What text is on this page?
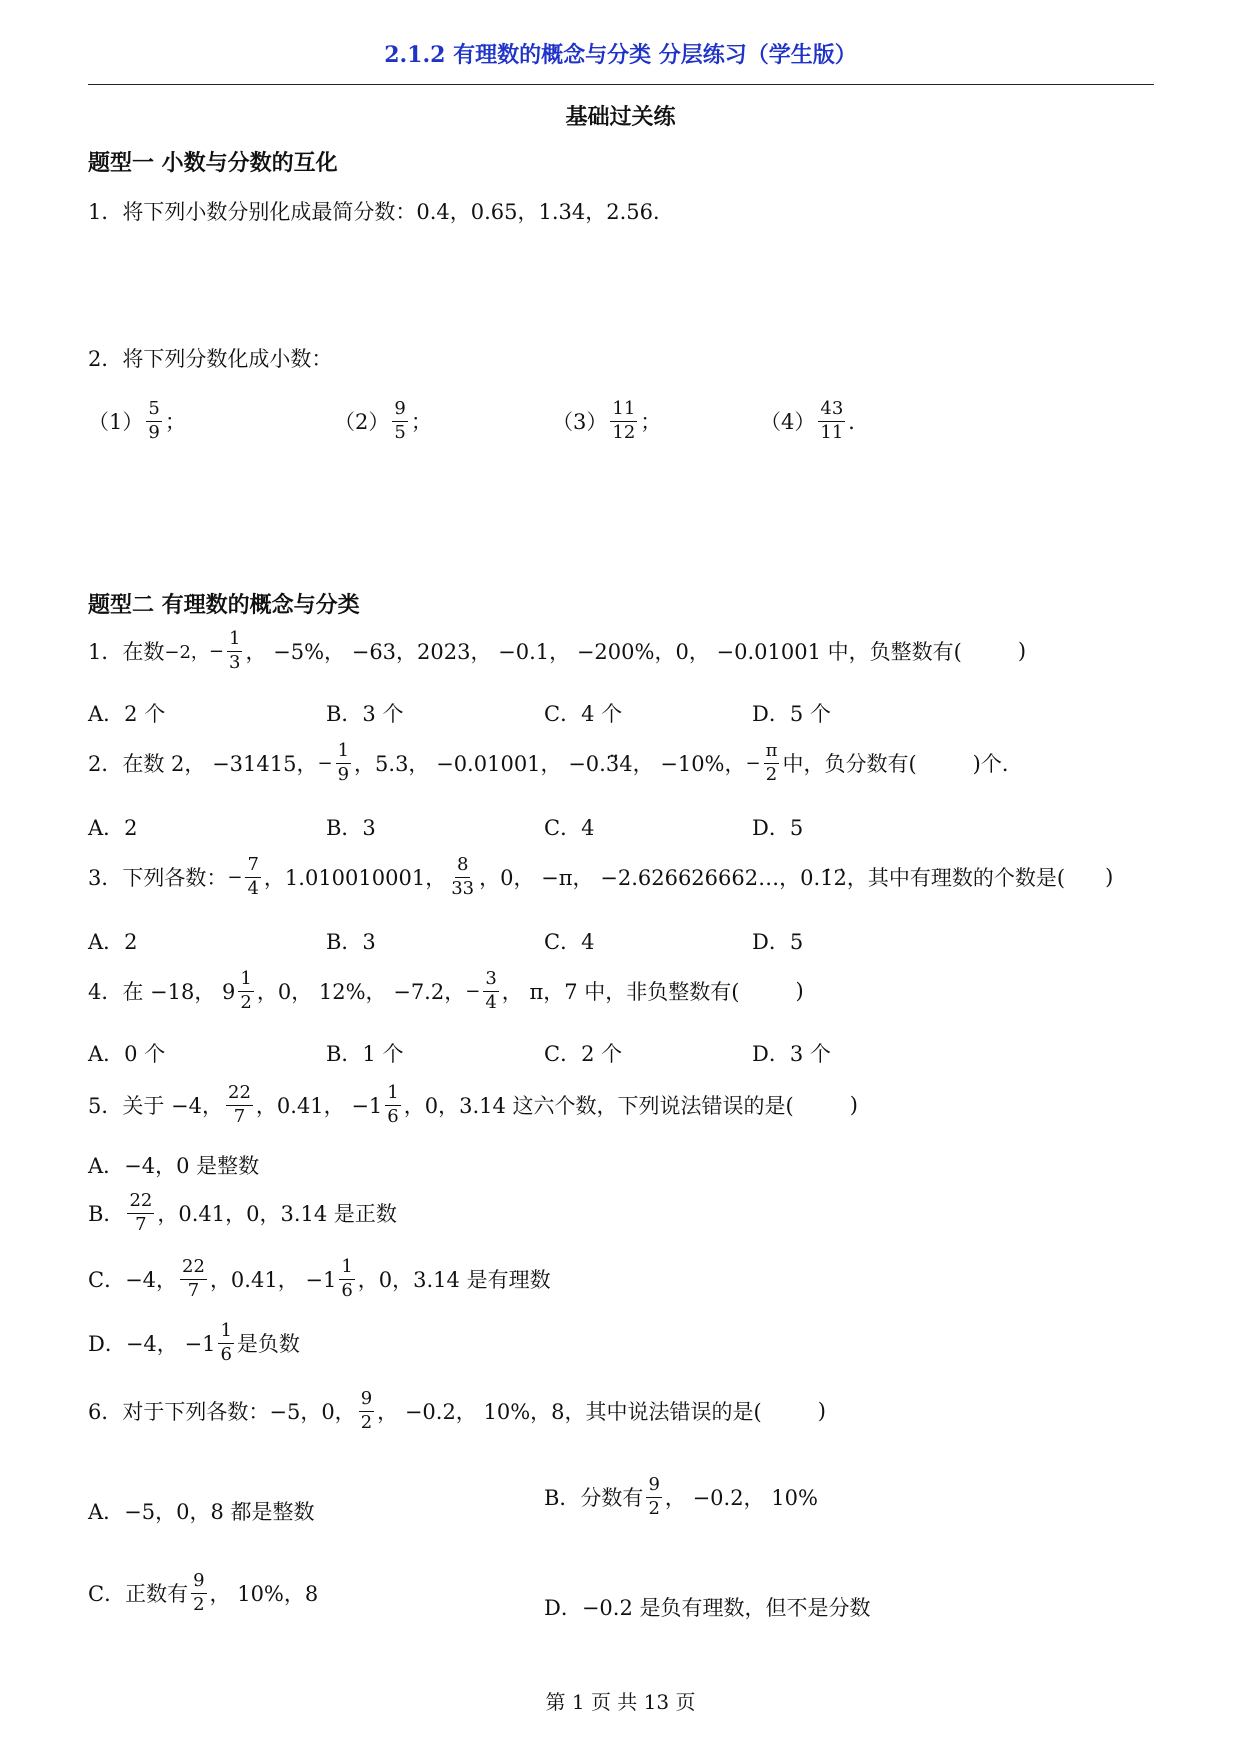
2.1.2 有理数的概念与分类 分层练习（学生版）
基础过关练
题型一 小数与分数的互化
1．将下列小数分别化成最简分数：0.4，0.65，1.34，2.56．
2．将下列分数化成小数：
$(1) \frac{5}{9}$ ；	$(2) \frac{9}{5}$ ；	$(3) \frac{11}{12}$ ；	$(4) \frac{43}{11}$ ．
题型二 有理数的概念与分类
1．在数 −2， − $\frac{1}{3}$ ， −5%， −63，2023， −0.1， −200%，0， −0.01001 中，负整数有(	)
A．2 个	B．3 个	C．4 个	D．5 个
2．在数 2， −31415， − $\frac{1}{9}$ ，5.3， −0.01001， −0.3̈4， −10%， − $\frac{\pi}{2}$ 中，负分数有(	)个．
A．2	B．3	C．4	D．5
3．下列各数： − $\frac{7}{4}$ ，1.010010001， $\frac{8}{33}$ ，0， −π， −2.626626662…，0.1̇2̇，其中有理数的个数是( )
A．2	B．3	C．4	D．5
4．在 −18， $9 \frac{1}{2}$ ，0， 12%， −7.2， − $\frac{3}{4}$ ， π，7 中，非负整数有(	)
A．0 个	B．1 个	C．2 个	D．3 个
5．关于 −4， $\frac{22}{7}$ ，0.41， $-1 \frac{1}{6}$ ，0，3.14 这六个数，下列说法错误的是(	)
A．−4，0 是整数
B． $\frac{22}{7}$ ，0.41，0，3.14 是正数
C．−4， $\frac{22}{7}$ ，0.41， $-1 \frac{1}{6}$ ，0，3.14 是有理数
D．−4， $-1 \frac{1}{6}$ 是负数
6．对于下列各数：−5，0， $\frac{9}{2}$ ， −0.2， 10%，8，其中说法错误的是(	)
A．−5，0，8 都是整数
B．分数有 $\frac{9}{2}$ ， −0.2， 10%
C．正数有 $\frac{9}{2}$ ， 10%，8
D．−0.2 是负有理数，但不是分数
第 1 页 共 13 页
